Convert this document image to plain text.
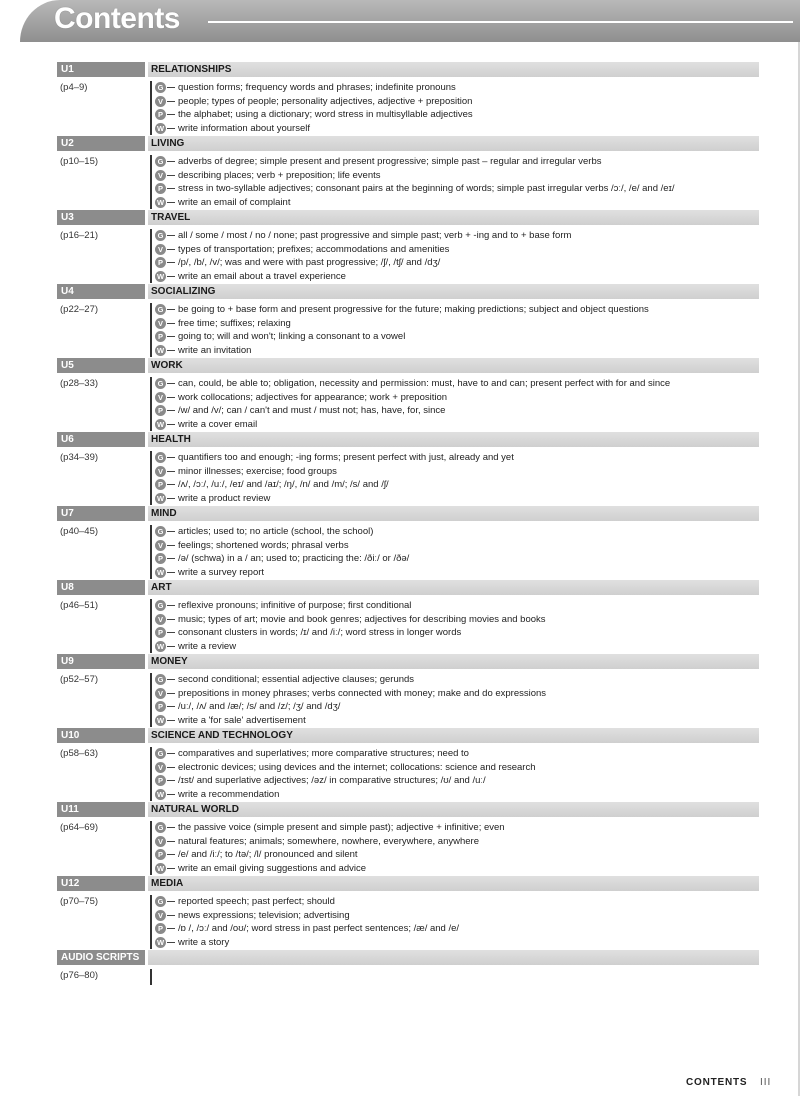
Contents
U1	RELATIONSHIPS
(p4–9)	G question forms; frequency words and phrases; indefinite pronouns
V	people; types of people; personality adjectives, adjective + preposition
P	the alphabet; using a dictionary; word stress in multisyllable adjectives
W write information about yourself
U2	LIVING
(p10–15)	G adverbs of degree; simple present and present progressive; simple past – regular and irregular verbs
V	describing places; verb + preposition; life events
P	stress in two-syllable adjectives; consonant pairs at the beginning of words; simple past irregular verbs /ɔː/, /e/ and /eɪ/
W write an email of complaint
U3	TRAVEL
(p16–21)	G all / some / most / no / none; past progressive and simple past; verb + -ing and to + base form
V	types of transportation; prefixes; accommodations and amenities
P	/p/, /b/, /v/; was and were with past progressive; /ʃ/, /tʃ/ and /dʒ/
W write an email about a travel experience
U4	SOCIALIZING
(p22–27)	G be going to + base form and present progressive for the future; making predictions; subject and object questions
V	free time; suffixes; relaxing
P	going to; will and won't; linking a consonant to a vowel
W write an invitation
U5	WORK
(p28–33)	G can, could, be able to; obligation, necessity and permission: must, have to and can; present perfect with for and since
V	work collocations; adjectives for appearance; work + preposition
P	/w/ and /v/; can / can't and must / must not; has, have, for, since
W write a cover email
U6	HEALTH
(p34–39)	G quantifiers too and enough; -ing forms; present perfect with just, already and yet
V	minor illnesses; exercise; food groups
P	/ʌ/, /ɔː/, /uː/, /eɪ/ and /aɪ/; /ŋ/, /n/ and /m/; /s/ and /ʃ/
W write a product review
U7	MIND
(p40–45)	G articles; used to; no article (school, the school)
V	feelings; shortened words; phrasal verbs
P	/ə/ (schwa) in a / an; used to; practicing the: /ðiː/ or /ðə/
W write a survey report
U8	ART
(p46–51)	G reflexive pronouns; infinitive of purpose; first conditional
V	music; types of art; movie and book genres; adjectives for describing movies and books
P	consonant clusters in words; /ɪ/ and /iː/; word stress in longer words
W write a review
U9	MONEY
(p52–57)	G second conditional; essential adjective clauses; gerunds
V	prepositions in money phrases; verbs connected with money; make and do expressions
P	/uː/, /ʌ/ and /æ/; /s/ and /z/; /ʒ/ and /dʒ/
W write a 'for sale' advertisement
U10	SCIENCE AND TECHNOLOGY
(p58–63)	G comparatives and superlatives; more comparative structures; need to
V	electronic devices; using devices and the internet; collocations: science and research
P	/ɪst/ and superlative adjectives; /əz/ in comparative structures; /ʊ/ and /uː/
W write a recommendation
U11	NATURAL WORLD
(p64–69)	G the passive voice (simple present and simple past); adjective + infinitive; even
V	natural features; animals; somewhere, nowhere, everywhere, anywhere
P	/e/ and /iː/; to /tə/; /l/ pronounced and silent
W write an email giving suggestions and advice
U12	MEDIA
(p70–75)	G reported speech; past perfect; should
V	news expressions; television; advertising
P	/ɒ /, /ɔː/ and /oʊ/; word stress in past perfect sentences; /æ/ and /e/
W write a story
AUDIO SCRIPTS
(p76–80)
CONTENTS III
